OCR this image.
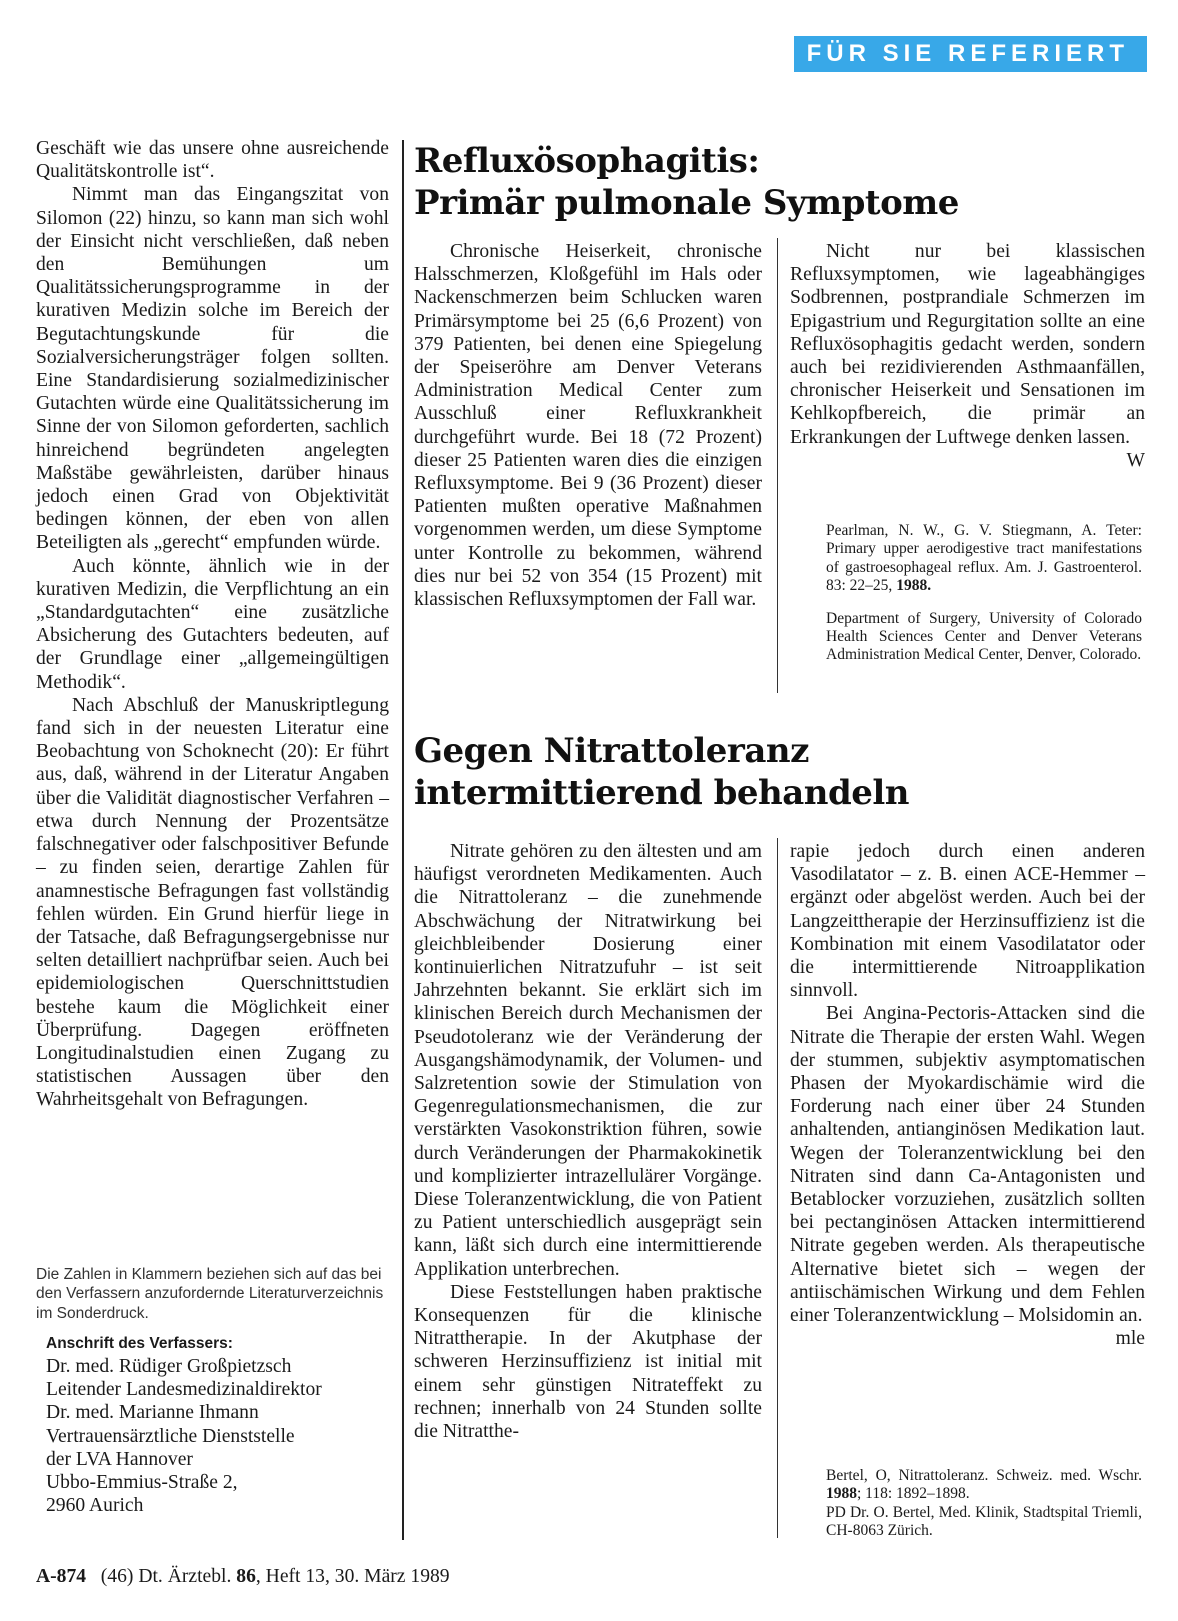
FÜR SIE REFERIERT

Geschäft wie das unsere ohne ausreichende Qualitätskontrolle ist“.

Nimmt man das Eingangszitat von Silomon (22) hinzu, so kann man sich wohl der Einsicht nicht verschließen, daß neben den Bemühungen um Qualitätssicherungsprogramme in der kurativen Medizin solche im Bereich der Begutachtungskunde für die Sozialversicherungsträger folgen sollten. Eine Standardisierung sozialmedizinischer Gutachten würde eine Qualitätssicherung im Sinne der von Silomon geforderten, sachlich hinreichend begründeten angelegten Maßstäbe gewährleisten, darüber hinaus jedoch einen Grad von Objektivität bedingen können, der eben von allen Beteiligten als „gerecht“ empfunden würde.

Auch könnte, ähnlich wie in der kurativen Medizin, die Verpflichtung an ein „Standardgutachten“ eine zusätzliche Absicherung des Gutachters bedeuten, auf der Grundlage einer „allgemeingültigen Methodik“.

Nach Abschluß der Manuskriptlegung fand sich in der neuesten Literatur eine Beobachtung von Schoknecht (20): Er führt aus, daß, während in der Literatur Angaben über die Validität diagnostischer Verfahren – etwa durch Nennung der Prozentsätze falschnegativer oder falschpositiver Befunde – zu finden seien, derartige Zahlen für anamnestische Befragungen fast vollständig fehlen würden. Ein Grund hierfür liege in der Tatsache, daß Befragungsergebnisse nur selten detailliert nachprüfbar seien. Auch bei epidemiologischen Querschnittstudien bestehe kaum die Möglichkeit einer Überprüfung. Dagegen eröffneten Longitudinalstudien einen Zugang zu statistischen Aussagen über den Wahrheitsgehalt von Befragungen.

Die Zahlen in Klammern beziehen sich auf das bei den Verfassern anzufordernde Literaturverzeichnis im Sonderdruck.
Anschrift des Verfassers:

Dr. med. Rüdiger Großpietzsch

Leitender Landesmedizinaldirektor

Dr. med. Marianne Ihmann

Vertrauensärztliche Dienststelle

der LVA Hannover

Ubbo-Emmius-Straße 2,

2960 Aurich

Refluxösophagitis:
Primär pulmonale Symptome

Chronische Heiserkeit, chronische Halsschmerzen, Kloßgefühl im Hals oder Nackenschmerzen beim Schlucken waren Primärsymptome bei 25 (6,6 Prozent) von 379 Patienten, bei denen eine Spiegelung der Speiseröhre am Denver Veterans Administration Medical Center zum Ausschluß einer Refluxkrankheit durchgeführt wurde. Bei 18 (72 Prozent) dieser 25 Patienten waren dies die einzigen Refluxsymptome. Bei 9 (36 Prozent) dieser Patienten mußten operative Maßnahmen vorgenommen werden, um diese Symptome unter Kontrolle zu bekommen, während dies nur bei 52 von 354 (15 Prozent) mit klassischen Refluxsymptomen der Fall war.

Nicht nur bei klassischen Refluxsymptomen, wie lageabhängiges Sodbrennen, postprandiale Schmerzen im Epigastrium und Regurgitation sollte an eine Refluxösophagitis gedacht werden, sondern auch bei rezidivierenden Asthmaanfällen, chronischer Heiserkeit und Sensationen im Kehlkopfbereich, die primär an Erkrankungen der Luftwege denken lassen.
W

Pearlman, N. W., G. V. Stiegmann, A. Teter: Primary upper aerodigestive tract manifestations of gastroesophageal reflux. Am. J. Gastroenterol. 83: 22–25, 1988.

Department of Surgery, University of Colorado Health Sciences Center and Denver Veterans Administration Medical Center, Denver, Colorado.

Gegen Nitrattoleranz
intermittierend behandeln

Nitrate gehören zu den ältesten und am häufigst verordneten Medikamenten. Auch die Nitrattoleranz – die zunehmende Abschwächung der Nitratwirkung bei gleichbleibender Dosierung einer kontinuierlichen Nitratzufuhr – ist seit Jahrzehnten bekannt. Sie erklärt sich im klinischen Bereich durch Mechanismen der Pseudotoleranz wie der Veränderung der Ausgangshämodynamik, der Volumen- und Salzretention sowie der Stimulation von Gegenregulationsmechanismen, die zur verstärkten Vasokonstriktion führen, sowie durch Veränderungen der Pharmakokinetik und komplizierter intrazellulärer Vorgänge. Diese Toleranzentwicklung, die von Patient zu Patient unterschiedlich ausgeprägt sein kann, läßt sich durch eine intermittierende Applikation unterbrechen.

Diese Feststellungen haben praktische Konsequenzen für die klinische Nitrattherapie. In der Akutphase der schweren Herzinsuffizienz ist initial mit einem sehr günstigen Nitrateffekt zu rechnen; innerhalb von 24 Stunden sollte die Nitratthe-

rapie jedoch durch einen anderen Vasodilatator – z. B. einen ACE-Hemmer – ergänzt oder abgelöst werden. Auch bei der Langzeittherapie der Herzinsuffizienz ist die Kombination mit einem Vasodilatator oder die intermittierende Nitroapplikation sinnvoll.

Bei Angina-Pectoris-Attacken sind die Nitrate die Therapie der ersten Wahl. Wegen der stummen, subjektiv asymptomatischen Phasen der Myokardischämie wird die Forderung nach einer über 24 Stunden anhaltenden, antianginösen Medikation laut. Wegen der Toleranzentwicklung bei den Nitraten sind dann Ca-Antagonisten und Betablocker vorzuziehen, zusätzlich sollten bei pectanginösen Attacken intermittierend Nitrate gegeben werden. Als therapeutische Alternative bietet sich – wegen der antiischämischen Wirkung und dem Fehlen einer Toleranzentwicklung – Molsidomin an.
mle

Bertel, O, Nitrattoleranz. Schweiz. med. Wschr. 1988; 118: 1892–1898.

PD Dr. O. Bertel, Med. Klinik, Stadtspital Triemli, CH-8063 Zürich.

A-874 (46) Dt. Ärztebl. 86, Heft 13, 30. März 1989
